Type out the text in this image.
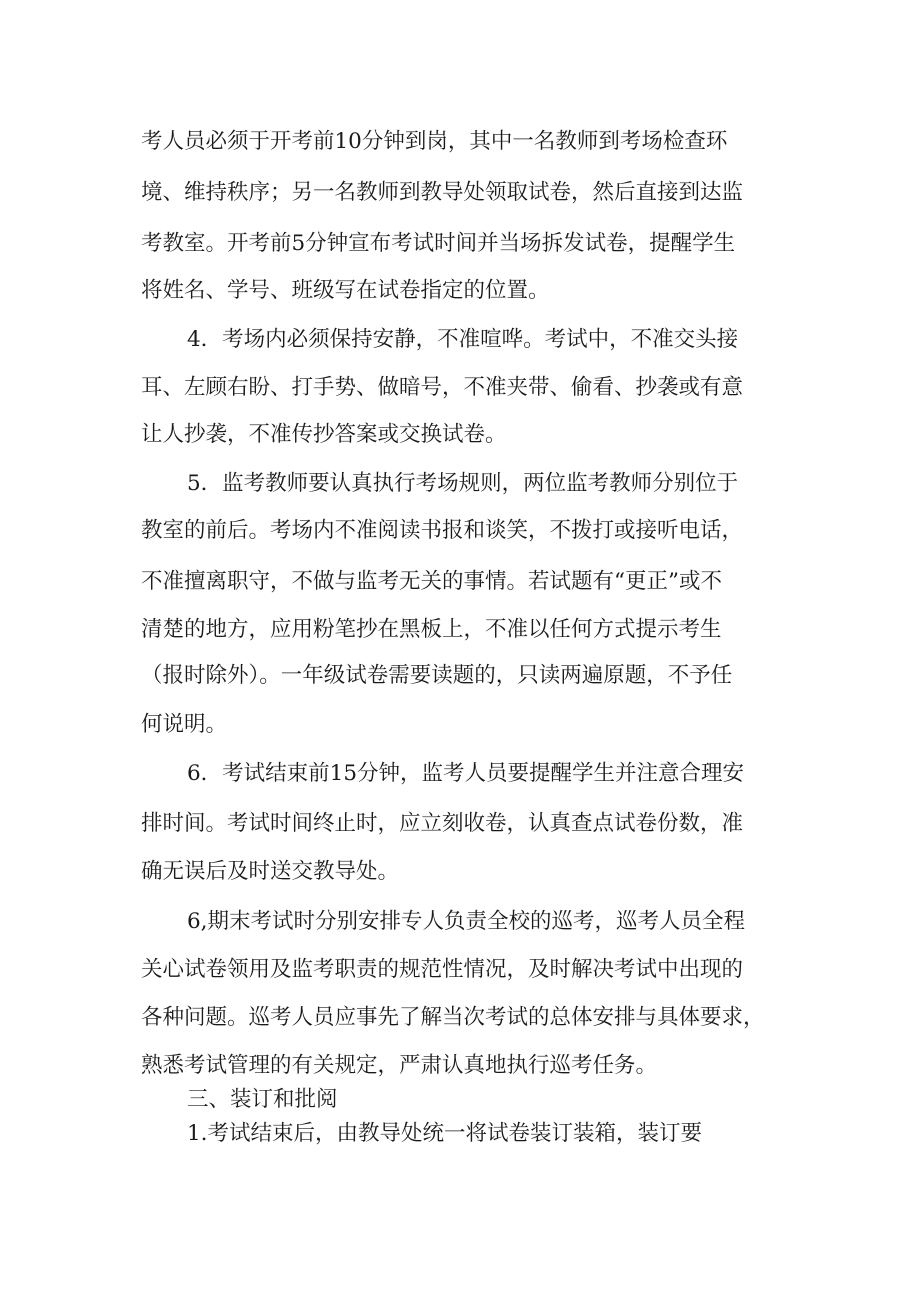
考人员必须于开考前10分钟到岗，其中一名教师到考场检查环
境、维持秩序；另一名教师到教导处领取试卷，然后直接到达监
考教室。开考前5分钟宣布考试时间并当场拆发试卷，提醒学生
将姓名、学号、班级写在试卷指定的位置。
4．考场内必须保持安静，不准喧哗。考试中，不准交头接
耳、左顾右盼、打手势、做暗号，不准夹带、偷看、抄袭或有意
让人抄袭，不准传抄答案或交换试卷。
5．监考教师要认真执行考场规则，两位监考教师分别位于
教室的前后。考场内不准阅读书报和谈笑，不拨打或接听电话，
不准擅离职守，不做与监考无关的事情。若试题有“更正”或不
清楚的地方，应用粉笔抄在黑板上，不准以任何方式提示考生
（报时除外）。一年级试卷需要读题的，只读两遍原题，不予任
何说明。
6．考试结束前15分钟，监考人员要提醒学生并注意合理安
排时间。考试时间终止时，应立刻收卷，认真查点试卷份数，准
确无误后及时送交教导处。
6,期末考试时分别安排专人负责全校的巡考，巡考人员全程
关心试卷领用及监考职责的规范性情况，及时解决考试中出现的
各种问题。巡考人员应事先了解当次考试的总体安排与具体要求，
熟悉考试管理的有关规定，严肃认真地执行巡考任务。
三、装订和批阅
1.考试结束后，由教导处统一将试卷装订装箱，装订要
